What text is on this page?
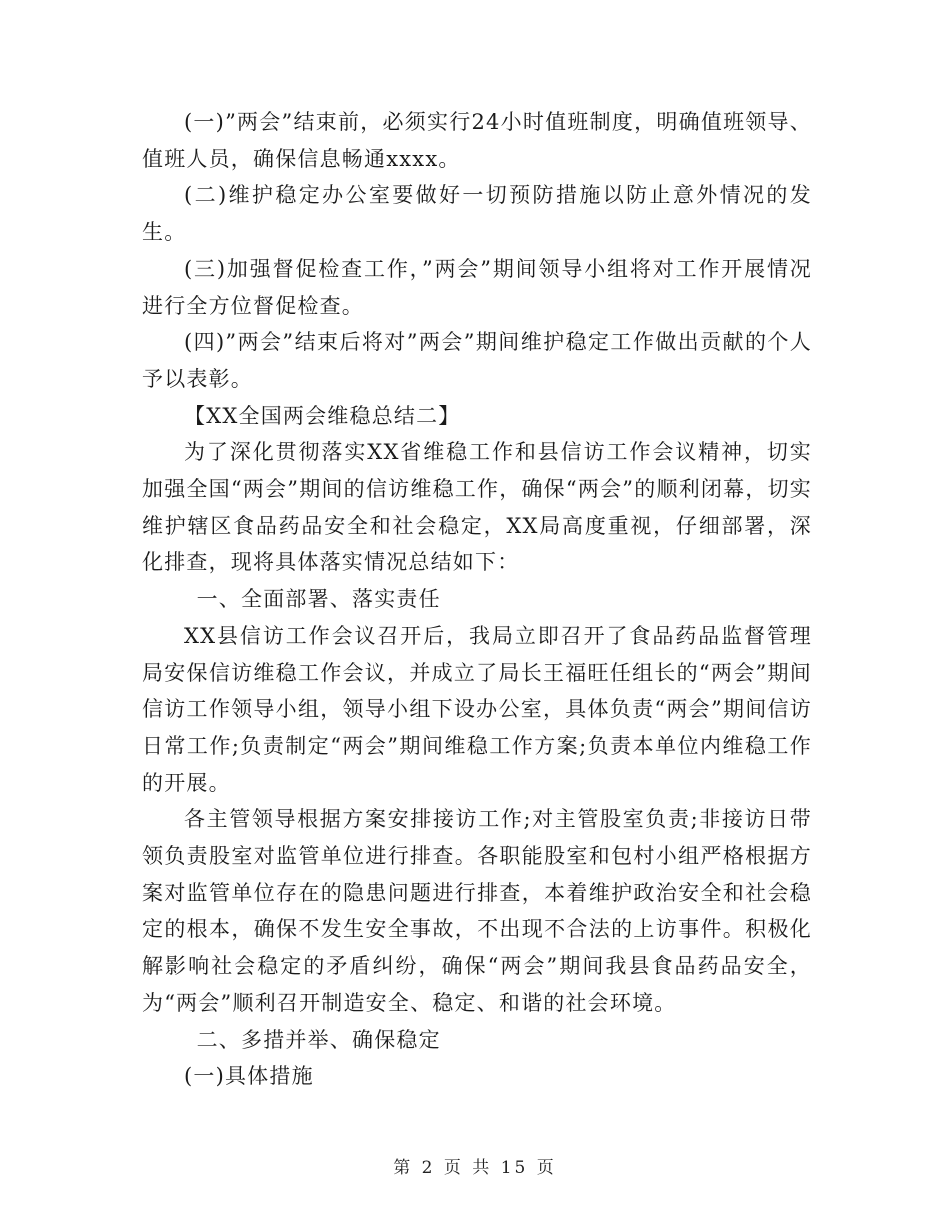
(一)”两会”结束前，必须实行24小时值班制度，明确值班领导、值班人员，确保信息畅通xxxx。

(二)维护稳定办公室要做好一切预防措施以防止意外情况的发生。

(三)加强督促检查工作，”两会”期间领导小组将对工作开展情况进行全方位督促检查。

(四)”两会”结束后将对”两会”期间维护稳定工作做出贡献的个人予以表彰。

【XX全国两会维稳总结二】

为了深化贯彻落实XX省维稳工作和县信访工作会议精神，切实加强全国“两会”期间的信访维稳工作，确保“两会”的顺利闭幕，切实维护辖区食品药品安全和社会稳定，XX局高度重视，仔细部署，深化排查，现将具体落实情况总结如下：

一、全面部署、落实责任

XX县信访工作会议召开后，我局立即召开了食品药品监督管理局安保信访维稳工作会议，并成立了局长王福旺任组长的“两会”期间信访工作领导小组，领导小组下设办公室，具体负责“两会”期间信访日常工作;负责制定“两会”期间维稳工作方案;负责本单位内维稳工作的开展。

各主管领导根据方案安排接访工作;对主管股室负责;非接访日带领负责股室对监管单位进行排查。各职能股室和包村小组严格根据方案对监管单位存在的隐患问题进行排查，本着维护政治安全和社会稳定的根本，确保不发生安全事故，不出现不合法的上访事件。积极化解影响社会稳定的矛盾纠纷，确保“两会”期间我县食品药品安全，为“两会”顺利召开制造安全、稳定、和谐的社会环境。

二、多措并举、确保稳定

(一)具体措施

第 2 页 共 15 页
